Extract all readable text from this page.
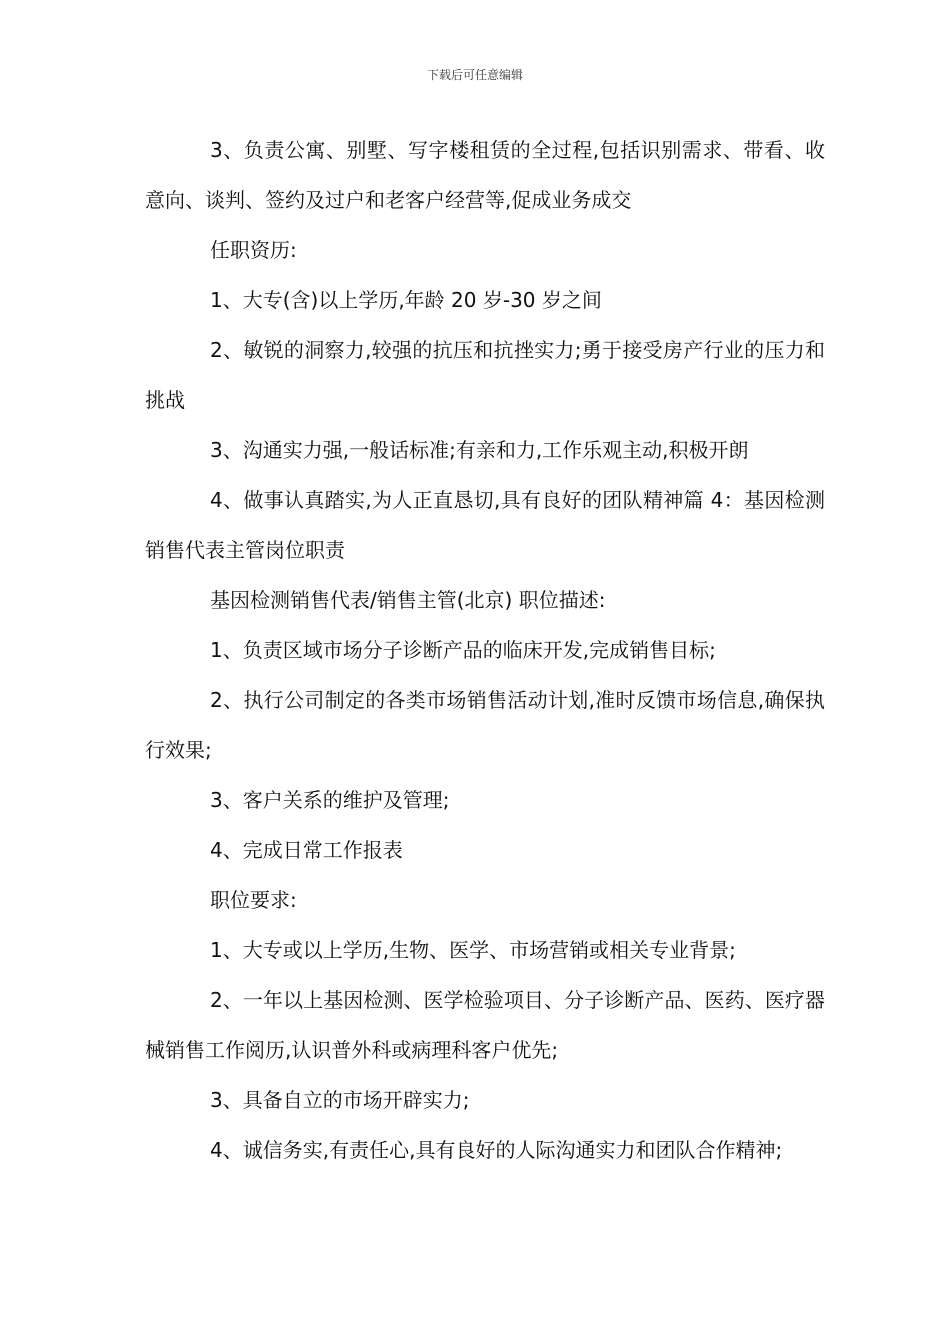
下载后可任意编辑

3、负责公寓、别墅、写字楼租赁的全过程,包括识别需求、带看、收意向、谈判、签约及过户和老客户经营等,促成业务成交

任职资历:

1、大专(含)以上学历,年龄 20 岁-30 岁之间

2、敏锐的洞察力,较强的抗压和抗挫实力;勇于接受房产行业的压力和挑战

3、沟通实力强,一般话标准;有亲和力,工作乐观主动,积极开朗

4、做事认真踏实,为人正直恳切,具有良好的团队精神篇 4：基因检测销售代表主管岗位职责

基因检测销售代表/销售主管(北京) 职位描述:

1、负责区域市场分子诊断产品的临床开发,完成销售目标;

2、执行公司制定的各类市场销售活动计划,准时反馈市场信息,确保执行效果;

3、客户关系的维护及管理;

4、完成日常工作报表

职位要求:

1、大专或以上学历,生物、医学、市场营销或相关专业背景;

2、一年以上基因检测、医学检验项目、分子诊断产品、医药、医疗器械销售工作阅历,认识普外科或病理科客户优先;

3、具备自立的市场开辟实力;

4、诚信务实,有责任心,具有良好的人际沟通实力和团队合作精神;
